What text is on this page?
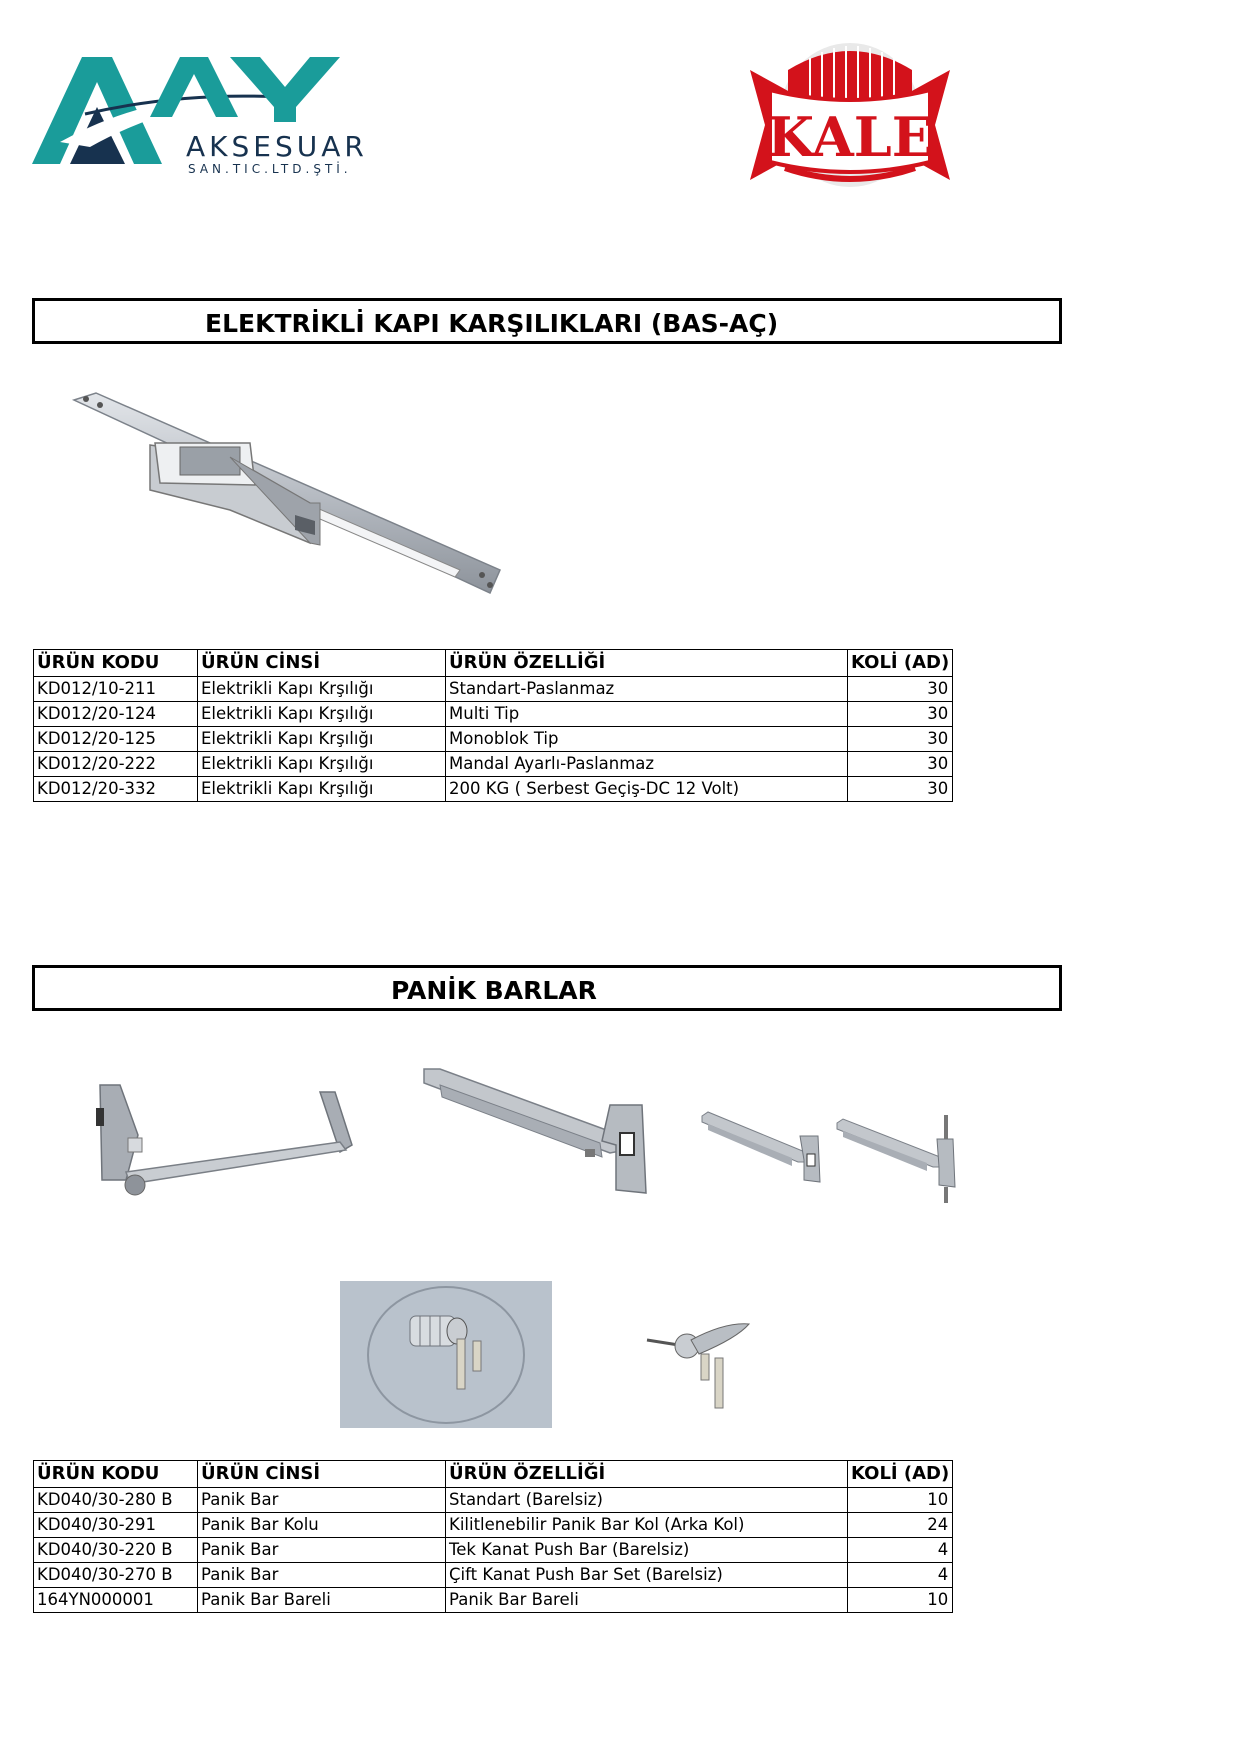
AKSESUAR
SAN.TIC.LTD.ŞTİ.	KALE
ELEKTRİKLİ KAPI KARŞILIKLARI (BAS-AÇ)
ÜRÜN KODU	ÜRÜN CİNSİ	ÜRÜN ÖZELLİĞİ	KOLİ (AD)
KD012/10-211	Elektrikli Kapı Krşılığı	Standart-Paslanmaz	30
KD012/20-124	Elektrikli Kapı Krşılığı	Multi Tip	30
KD012/20-125	Elektrikli Kapı Krşılığı	Monoblok Tip	30
KD012/20-222	Elektrikli Kapı Krşılığı	Mandal Ayarlı-Paslanmaz	30
KD012/20-332	Elektrikli Kapı Krşılığı	200 KG ( Serbest Geçiş-DC 12 Volt)	30
PANİK BARLAR
ÜRÜN KODU	ÜRÜN CİNSİ	ÜRÜN ÖZELLİĞİ	KOLİ (AD)
KD040/30-280 B	Panik Bar	Standart (Barelsiz)	10
KD040/30-291	Panik Bar Kolu	Kilitlenebilir Panik Bar Kol (Arka Kol)	24
KD040/30-220 B	Panik Bar	Tek Kanat Push Bar (Barelsiz)	4
KD040/30-270 B	Panik Bar	Çift Kanat Push Bar Set (Barelsiz)	4
164YN000001	Panik Bar Bareli	Panik Bar Bareli	10
